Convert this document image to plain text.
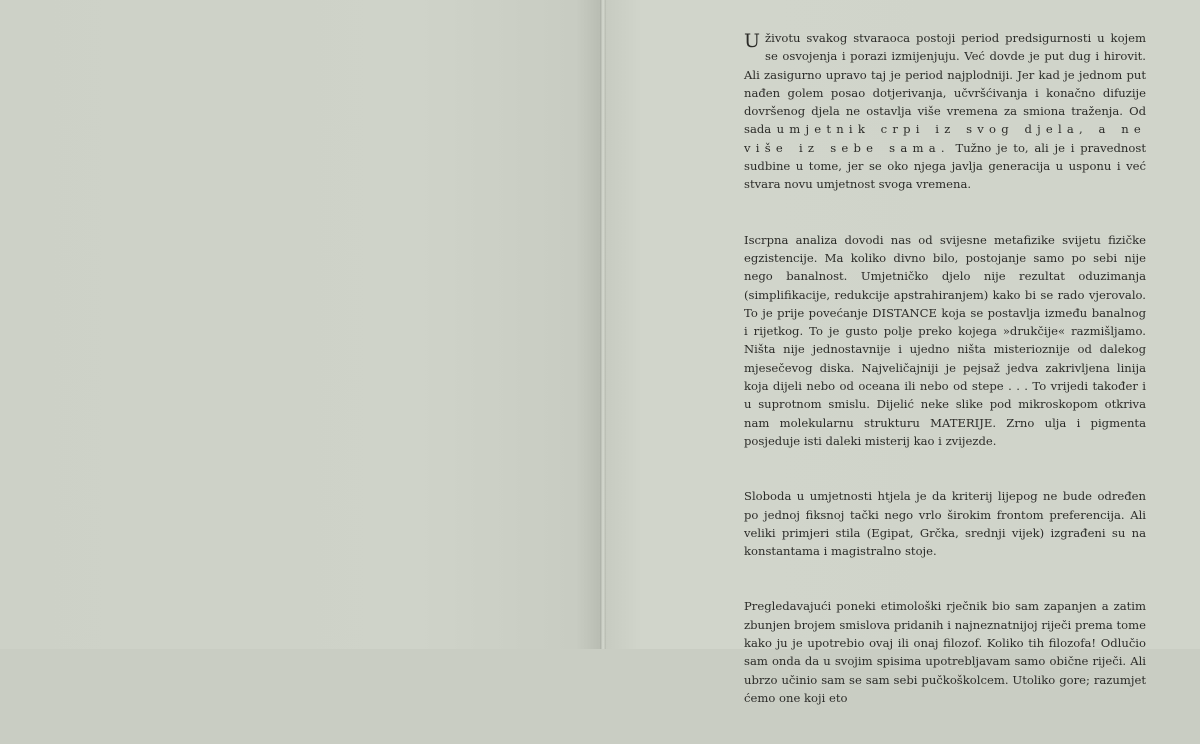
Uživotu svakog stvaraoca postoji period predsigurnosti u kojem se osvojenja i porazi izmijenjuju. Već dovde je put dug i hirovit. Ali zasigurno upravo taj je period najplodniji. Jer kad je jednom put nađen golem posao dotjerivanja, učvršćivanja i konačno difuzije dovršenog djela ne ostavlja više vremena za smiona traženja. Od sada umjetnik crpi iz svog djela, a ne više iz sebe sama. Tužno je to, ali je i pravednost sudbine u tome, jer se oko njega javlja generacija u usponu i već stvara novu umjetnost svoga vremena.

Iscrpna analiza dovodi nas od svijesne metafizike svijetu fizičke egzistencije. Ma koliko divno bilo, postojanje samo po sebi nije nego banalnost. Umjetničko djelo nije rezultat oduzimanja (simplifikacije, redukcije apstrahiranjem) kako bi se rado vjerovalo. To je prije povećanje DISTANCE koja se postavlja između banalnog i rijetkog. To je gusto polje preko kojega »drukčije« razmišljamo. Ništa nije jednostavnije i ujedno ništa misterioznije od dalekog mjesečevog diska. Najveličajniji je pejsaž jedva zakrivljena linija koja dijeli nebo od oceana ili nebo od stepe . . . To vrijedi također i u suprotnom smislu. Dijelić neke slike pod mikroskopom otkriva nam molekularnu strukturu MATERIJE. Zrno ulja i pigmenta posjeduje isti daleki misterij kao i zvijezde.

Sloboda u umjetnosti htjela je da kriterij lijepog ne bude određen po jednoj fiksnoj tački nego vrlo širokim frontom preferencija. Ali veliki primjeri stila (Egipat, Grčka, srednji vijek) izgrađeni su na konstantama i magistralno stoje.

Pregledavajući poneki etimološki rječnik bio sam zapanjen a zatim zbunjen brojem smislova pridanih i najneznatnijoj riječi prema tome kako ju je upotrebio ovaj ili onaj filozof. Koliko tih filozofa! Odlučio sam onda da u svojim spisima upotrebljavam samo obične riječi. Ali ubrzo učinio sam se sam sebi pučkoškolcem. Utoliko gore; razumjet ćemo one koji eto
